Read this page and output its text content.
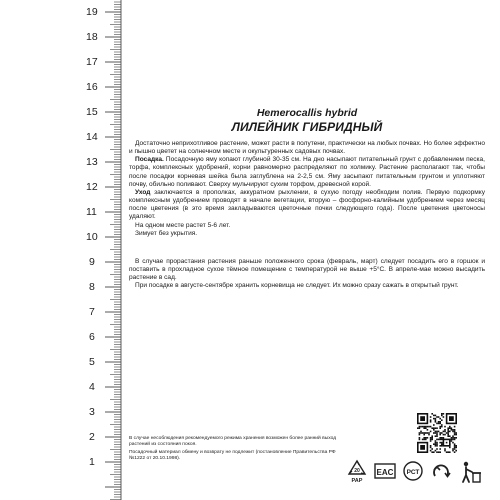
19
18
17
16
15
14
13
12
11
10
9
8
7
6
5
4
3
2
1
Hemerocallis hybrid
ЛИЛЕЙНИК ГИБРИДНЫЙ

Достаточно неприхотливое растение, может расти в полутени, практически на любых почвах. Но более эффектно и пышно цветет на солнечном месте и окультуренных садовых почвах.

Посадка. Посадочную яму копают глубиной 30-35 см. На дно насыпают питательный грунт с добавлением песка, торфа, комплексных удобрений, корни равномерно распределяют по холмику. Растение располагают так, чтобы после посадки корневая шейка была заглублена на 2-2,5 см. Яму засыпают питательным грунтом и уплотняют почву, обильно поливают. Сверху мульчируют сухим торфом, древесной корой.

Уход заключается в прополках, аккуратном рыхлении, в сухую погоду необходим полив. Первую подкормку комплексным удобрением проводят в начале вегетации, вторую – фосфорно-калийным удобрением через месяц после цветения (в это время закладываются цветочные почки следующего года). После цветения цветоносы удаляют.

На одном месте растет 5-6 лет.

Зимует без укрытия.

В случае прорастания растения раньше положенного срока (февраль, март) следует посадить его в горшок и поставить в прохладное сухое тёмное помещение с температурой не выше +5°С. В апреле-мае можно высадить растение в сад.

При посадке в августе-сентябре хранить корневища не следует. Их можно сразу сажать в открытый грунт.

В случае несоблюдения рекомендуемого режима хранения возможен более ранний выход растений из состояния покоя.

Посадочный материал обмену и возврату не подлежит (постановление Правительства РФ №1222 от 20.10.1998).

20
PAP
EAC РСТ
